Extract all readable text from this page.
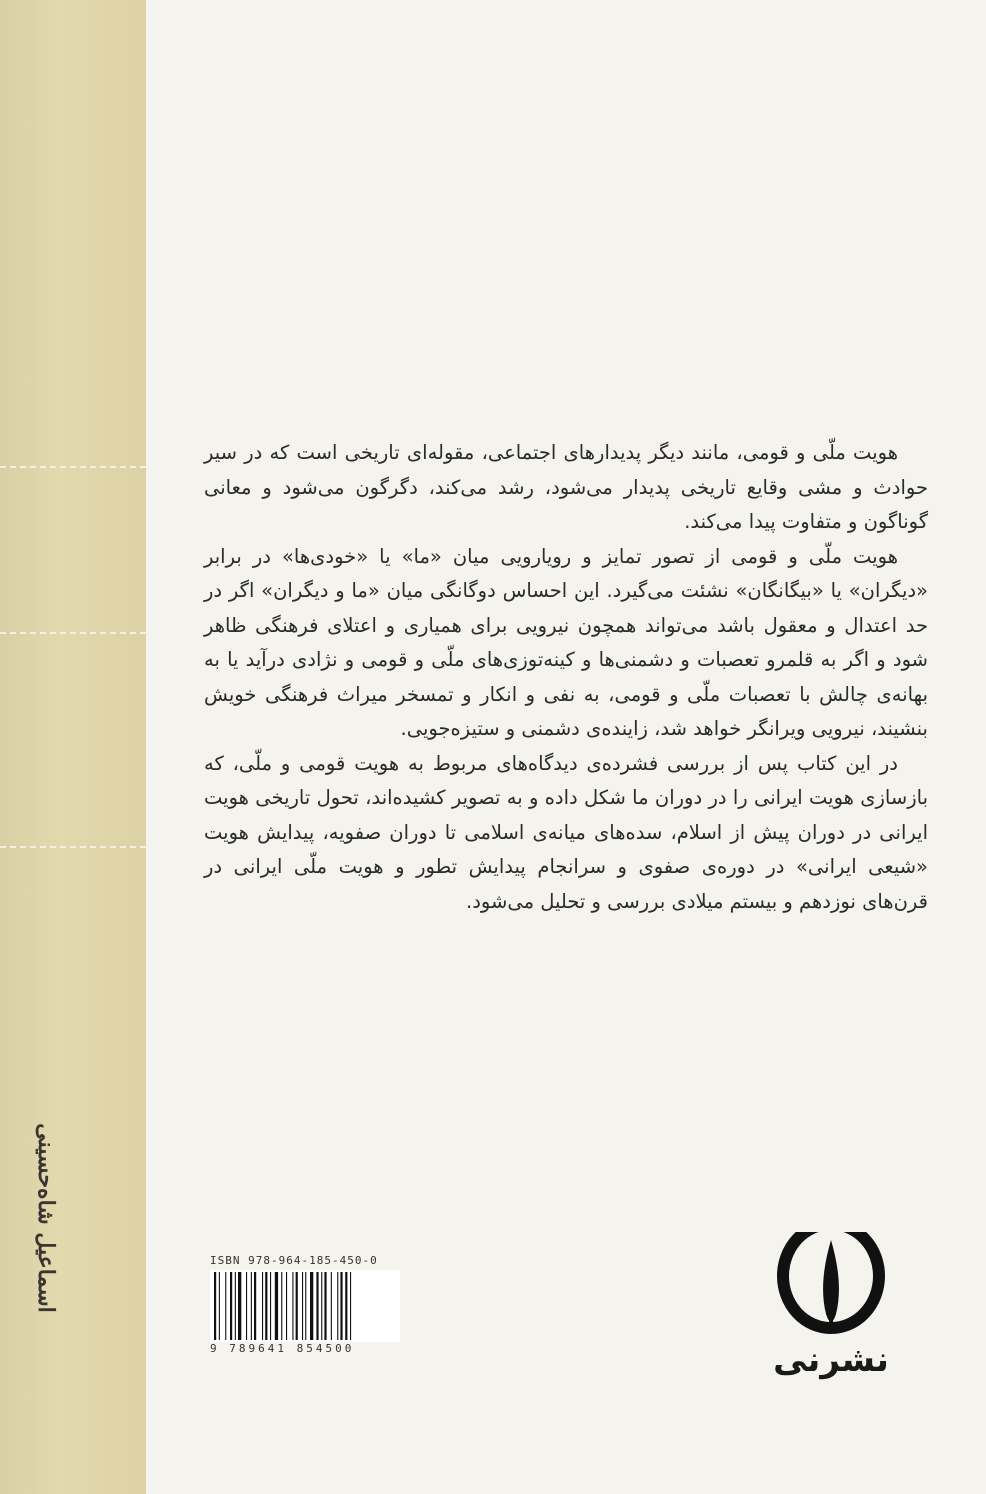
اسماعیل شاه‌حسینی

هویت ملّی و قومی، مانند دیگر پدیدارهای اجتماعی، مقوله‌ای تاریخی است که در سیر حوادث و مشی وقایع تاریخی پدیدار می‌شود، رشد می‌کند، دگرگون می‌شود و معانی گوناگون و متفاوت پیدا می‌کند.

هویت ملّی و قومی از تصور تمایز و رویارویی میان «ما» یا «خودی‌ها» در برابر «دیگران» یا «بیگانگان» نشئت می‌گیرد. این احساس دوگانگی میان «ما و دیگران» اگر در حد اعتدال و معقول باشد می‌تواند همچون نیرویی برای همیاری و اعتلای فرهنگی ظاهر شود و اگر به قلمرو تعصبات و دشمنی‌ها و کینه‌توزی‌های ملّی و قومی و نژادی درآید یا به بهانه‌ی چالش با تعصبات ملّی و قومی، به نفی و انکار و تمسخر میراث فرهنگی خویش بنشیند، نیرویی ویرانگر خواهد شد، زاینده‌ی دشمنی و ستیزه‌جویی.

در این کتاب پس از بررسی فشرده‌ی دیدگاه‌های مربوط به هویت قومی و ملّی، که بازسازی هویت ایرانی را در دوران ما شکل داده و به تصویر کشیده‌اند، تحول تاریخی هویت ایرانی در دوران پیش از اسلام، سده‌های میانه‌ی اسلامی تا دوران صفویه، پیدایش هویت «شیعی ایرانی» در دوره‌ی صفوی و سرانجام پیدایش تطور و هویت ملّی ایرانی در قرن‌های نوزدهم و بیستم میلادی بررسی و تحلیل می‌شود.

ISBN 978-964-185-450-0
9 789641 854500	نشرنی
